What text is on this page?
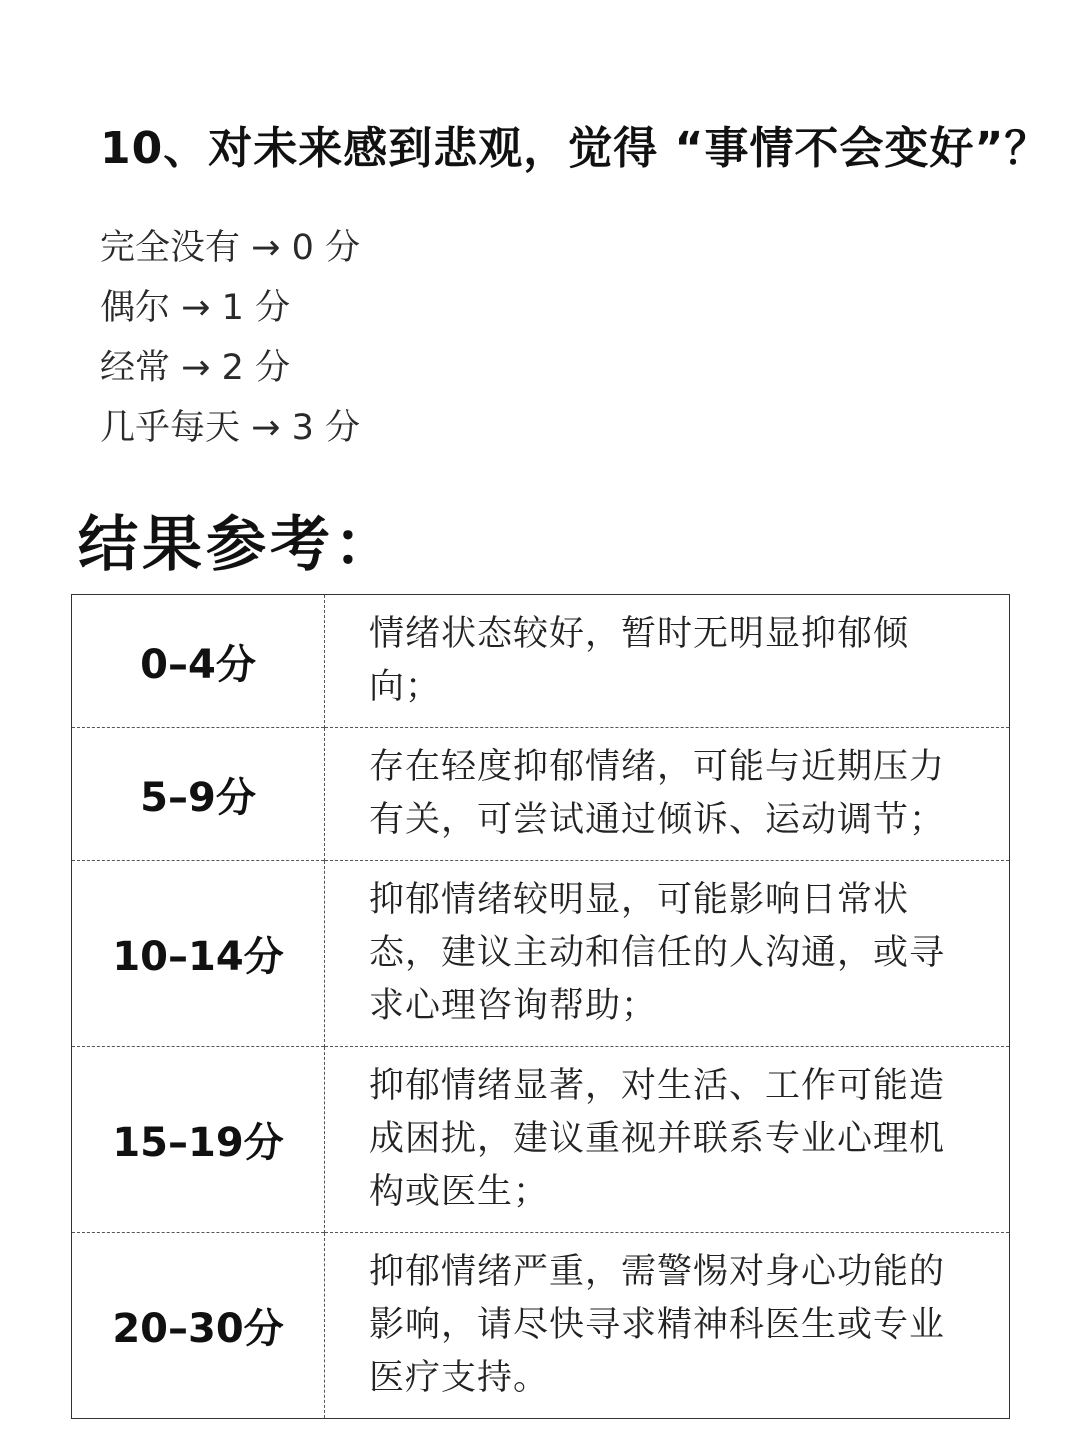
10、对未来感到悲观，觉得 “事情不会变好”？
完全没有 → 0 分
偶尔 → 1 分
经常 → 2 分
几乎每天 → 3 分
结果参考：
0–4分	情绪状态较好，暂时无明显抑郁倾向；

5–9分	存在轻度抑郁情绪，可能与近期压力有关，可尝试通过倾诉、运动调节；

10–14分	抑郁情绪较明显，可能影响日常状态，建议主动和信任的人沟通，或寻求心理咨询帮助；

15–19分	抑郁情绪显著，对生活、工作可能造成困扰，建议重视并联系专业心理机构或医生；

20–30分	抑郁情绪严重，需警惕对身心功能的影响，请尽快寻求精神科医生或专业医疗支持。
